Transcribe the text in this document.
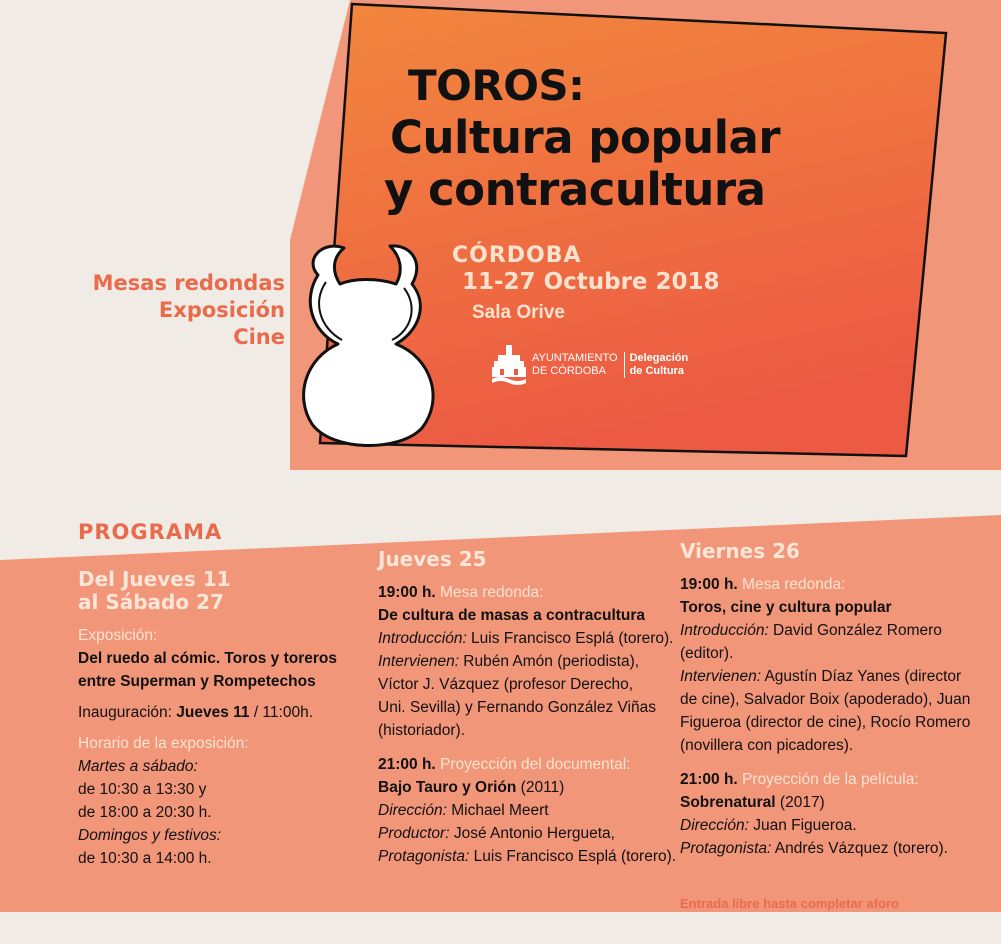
TOROS:
Cultura popular
y contracultura
CÓRDOBA
11-27 Octubre 2018
Sala Orive
AYUNTAMIENTO
DE CÓRDOBA
Delegación
de Cultura
Mesas redondas
Exposición
Cine
PROGRAMA
Del Jueves 11
al Sábado 27
Exposición:
Del ruedo al cómic. Toros y toreros
entre Superman y Rompetechos
Inauguración: Jueves 11 / 11:00h.
Horario de la exposición:
Martes a sábado:
de 10:30 a 13:30 y
de 18:00 a 20:30 h.
Domingos y festivos:
de 10:30 a 14:00 h.
Jueves 25
19:00 h. Mesa redonda:
De cultura de masas a contracultura
Introducción: Luis Francisco Esplá (torero).
Intervienen: Rubén Amón (periodista),
Víctor J. Vázquez (profesor Derecho,
Uni. Sevilla) y Fernando González Viñas
(historiador).
21:00 h. Proyección del documental:
Bajo Tauro y Orión (2011)
Dirección: Michael Meert
Productor: José Antonio Hergueta,
Protagonista: Luis Francisco Esplá (torero).
Viernes 26
19:00 h. Mesa redonda:
Toros, cine y cultura popular
Introducción: David González Romero
(editor).
Intervienen: Agustín Díaz Yanes (director
de cine), Salvador Boix (apoderado), Juan
Figueroa (director de cine), Rocío Romero
(novillera con picadores).
21:00 h. Proyección de la película:
Sobrenatural (2017)
Dirección: Juan Figueroa.
Protagonista: Andrés Vázquez (torero).
Entrada libre hasta completar aforo
